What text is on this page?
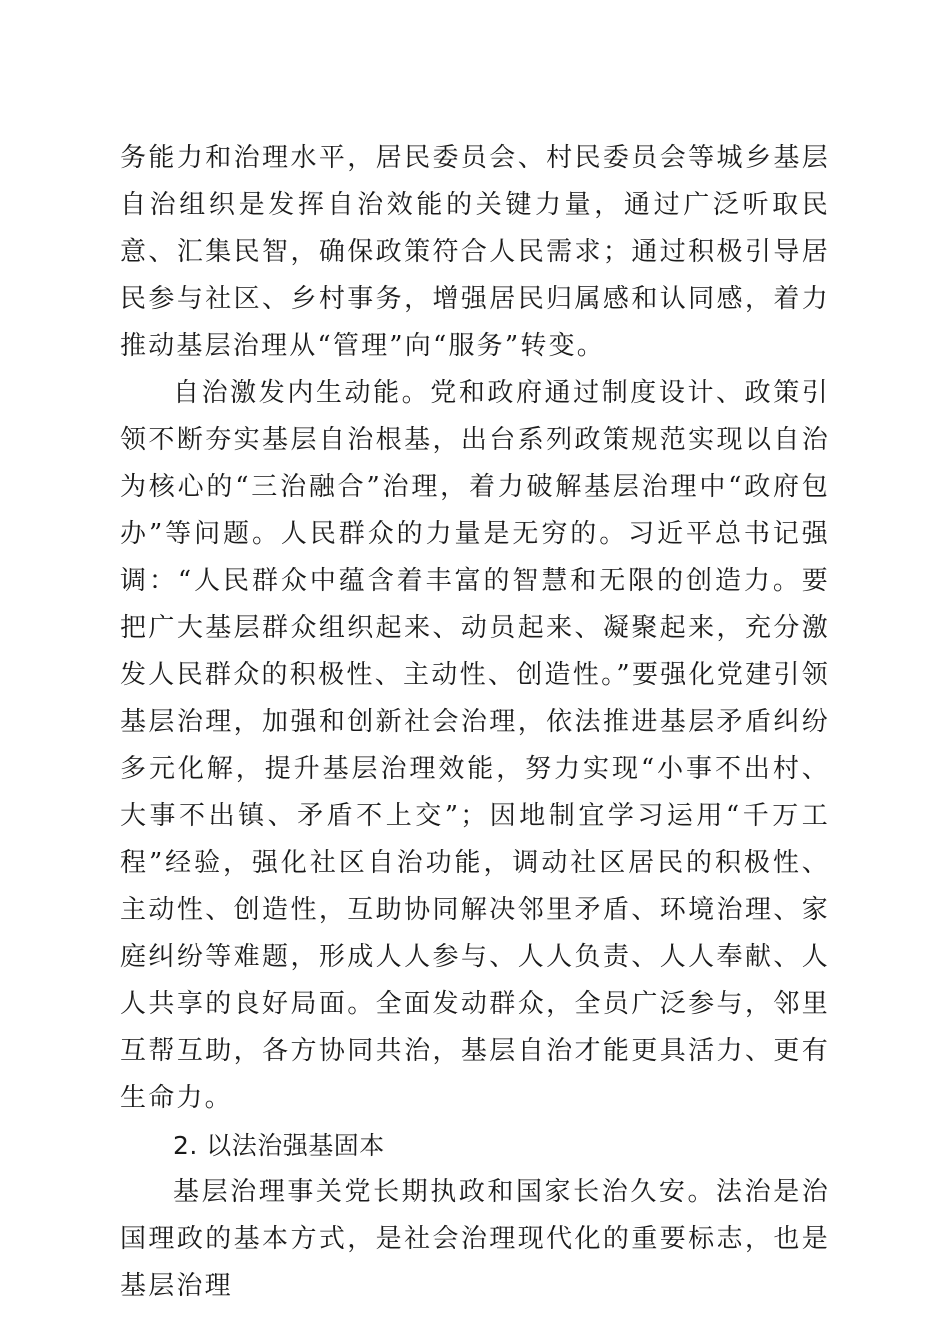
务能力和治理水平，居民委员会、村民委员会等城乡基层自治组织是发挥自治效能的关键力量，通过广泛听取民意、汇集民智，确保政策符合人民需求；通过积极引导居民参与社区、乡村事务，增强居民归属感和认同感，着力推动基层治理从“管理”向“服务”转变。

自治激发内生动能。党和政府通过制度设计、政策引领不断夯实基层自治根基，出台系列政策规范实现以自治为核心的“三治融合”治理，着力破解基层治理中“政府包办”等问题。人民群众的力量是无穷的。习近平总书记强调：“人民群众中蕴含着丰富的智慧和无限的创造力。要把广大基层群众组织起来、动员起来、凝聚起来，充分激发人民群众的积极性、主动性、创造性。”要强化党建引领基层治理，加强和创新社会治理，依法推进基层矛盾纠纷多元化解，提升基层治理效能，努力实现“小事不出村、大事不出镇、矛盾不上交”；因地制宜学习运用“千万工程”经验，强化社区自治功能，调动社区居民的积极性、主动性、创造性，互助协同解决邻里矛盾、环境治理、家庭纠纷等难题，形成人人参与、人人负责、人人奉献、人人共享的良好局面。全面发动群众，全员广泛参与，邻里互帮互助，各方协同共治，基层自治才能更具活力、更有生命力。

2. 以法治强基固本

基层治理事关党长期执政和国家长治久安。法治是治国理政的基本方式，是社会治理现代化的重要标志，也是基层治理
